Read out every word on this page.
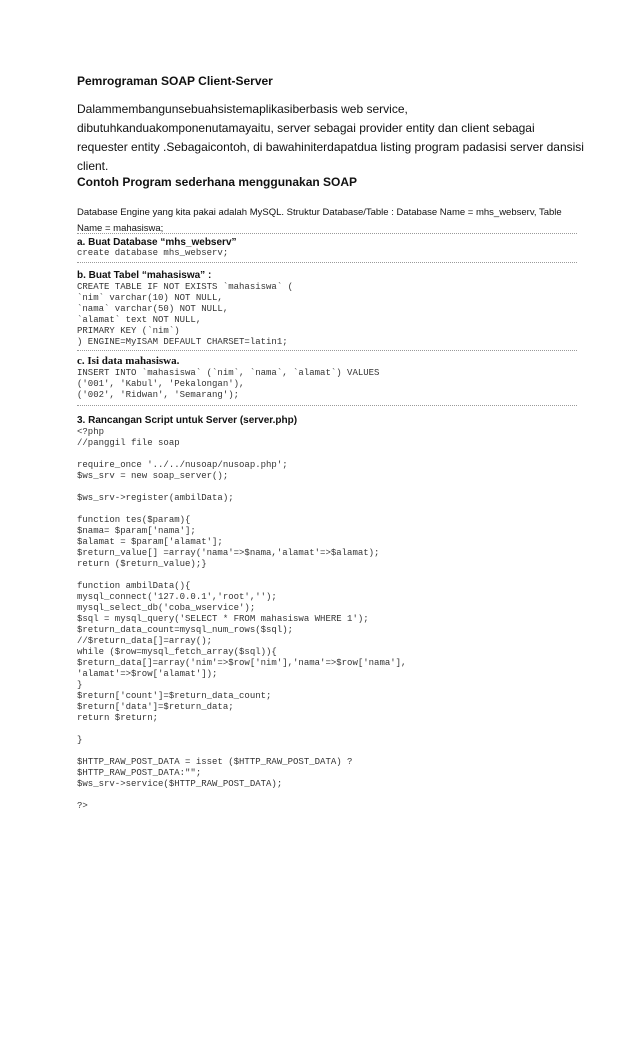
Pemrograman SOAP Client-Server
Dalammembangunsebuahsistemaplikasiberbasis web service,
dibutuhkanduakomponenutamayaitu, server sebagai provider entity dan client sebagai
requester entity .Sebagaicontoh, di bawahiniterdapatdua listing program padasisi server dansisi
client.
Contoh Program sederhana menggunakan SOAP
Database Engine yang kita pakai adalah MySQL. Struktur Database/Table : Database Name = mhs_webserv, Table
Name = mahasiswa;
a. Buat Database “mhs_webserv”
create database mhs_webserv;
b. Buat Tabel “mahasiswa” :
CREATE TABLE IF NOT EXISTS `mahasiswa` (
`nim` varchar(10) NOT NULL,
`nama` varchar(50) NOT NULL,
`alamat` text NOT NULL,
PRIMARY KEY (`nim`)
) ENGINE=MyISAM DEFAULT CHARSET=latin1;
c. Isi data mahasiswa.
INSERT INTO `mahasiswa` (`nim`, `nama`, `alamat`) VALUES
('001', 'Kabul', 'Pekalongan'),
('002', 'Ridwan', 'Semarang');
3. Rancangan Script untuk Server (server.php)
<?php
//panggil file soap
require_once '../../nusoap/nusoap.php';
$ws_srv = new soap_server();
$ws_srv->register(ambilData);
function tes($param){
$nama= $param['nama'];
$alamat = $param['alamat'];
$return_value[] =array('nama'=>$nama,'alamat'=>$alamat);
return ($return_value);}
function ambilData(){
mysql_connect('127.0.0.1','root','');
mysql_select_db('coba_wservice');
$sql = mysql_query('SELECT * FROM mahasiswa WHERE 1');
$return_data_count=mysql_num_rows($sql);
//$return_data[]=array();
while ($row=mysql_fetch_array($sql)){
$return_data[]=array('nim'=>$row['nim'],'nama'=>$row['nama'],
'alamat'=>$row['alamat']);
}
$return['count']=$return_data_count;
$return['data']=$return_data;
return $return;
}
$HTTP_RAW_POST_DATA = isset ($HTTP_RAW_POST_DATA) ?
$HTTP_RAW_POST_DATA:"";
$ws_srv->service($HTTP_RAW_POST_DATA);
?>
